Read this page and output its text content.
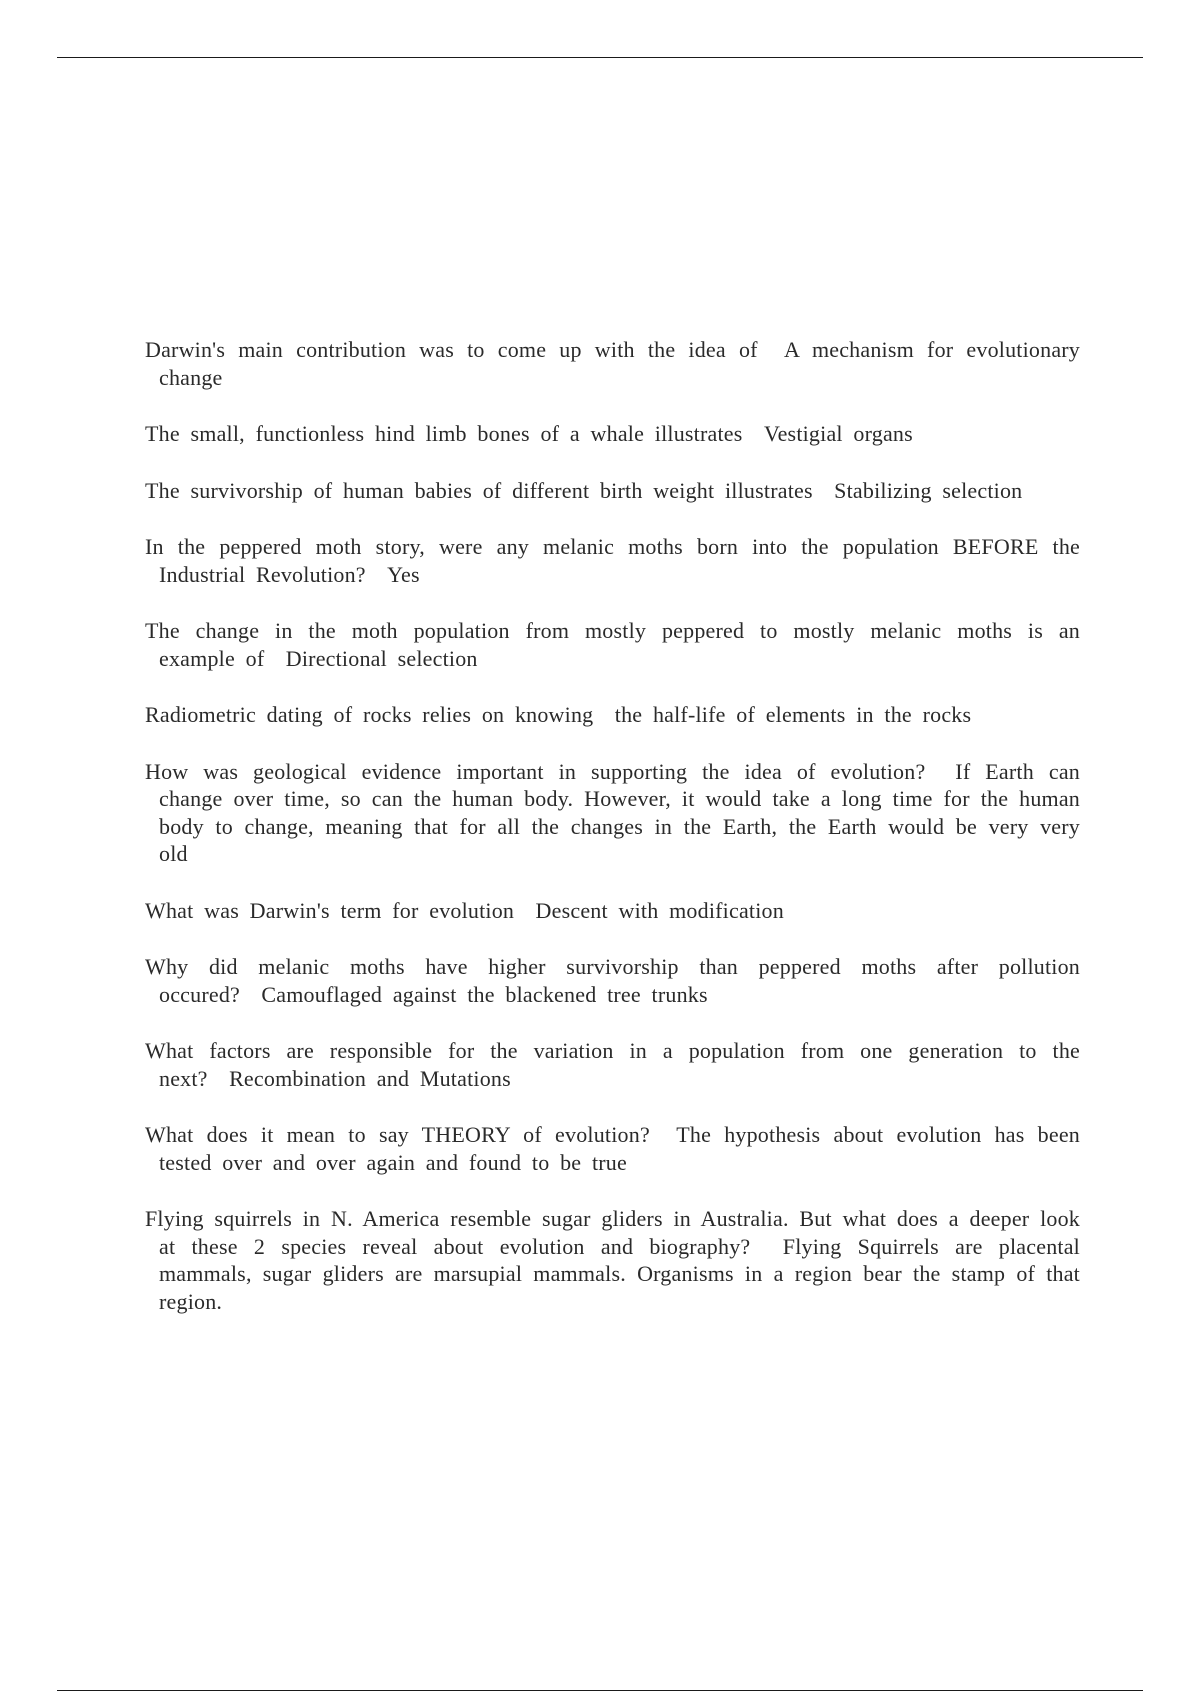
Darwin's main contribution was to come up with the idea of A mechanism for evolutionary change
The small, functionless hind limb bones of a whale illustrates Vestigial organs
The survivorship of human babies of different birth weight illustrates Stabilizing selection
In the peppered moth story, were any melanic moths born into the population BEFORE the Industrial Revolution? Yes
The change in the moth population from mostly peppered to mostly melanic moths is an example of Directional selection
Radiometric dating of rocks relies on knowing the half-life of elements in the rocks
How was geological evidence important in supporting the idea of evolution? If Earth can change over time, so can the human body. However, it would take a long time for the human body to change, meaning that for all the changes in the Earth, the Earth would be very very old
What was Darwin's term for evolution Descent with modification
Why did melanic moths have higher survivorship than peppered moths after pollution occured? Camouflaged against the blackened tree trunks
What factors are responsible for the variation in a population from one generation to the next? Recombination and Mutations
What does it mean to say THEORY of evolution? The hypothesis about evolution has been tested over and over again and found to be true
Flying squirrels in N. America resemble sugar gliders in Australia. But what does a deeper look at these 2 species reveal about evolution and biography? Flying Squirrels are placental mammals, sugar gliders are marsupial mammals. Organisms in a region bear the stamp of that region.
